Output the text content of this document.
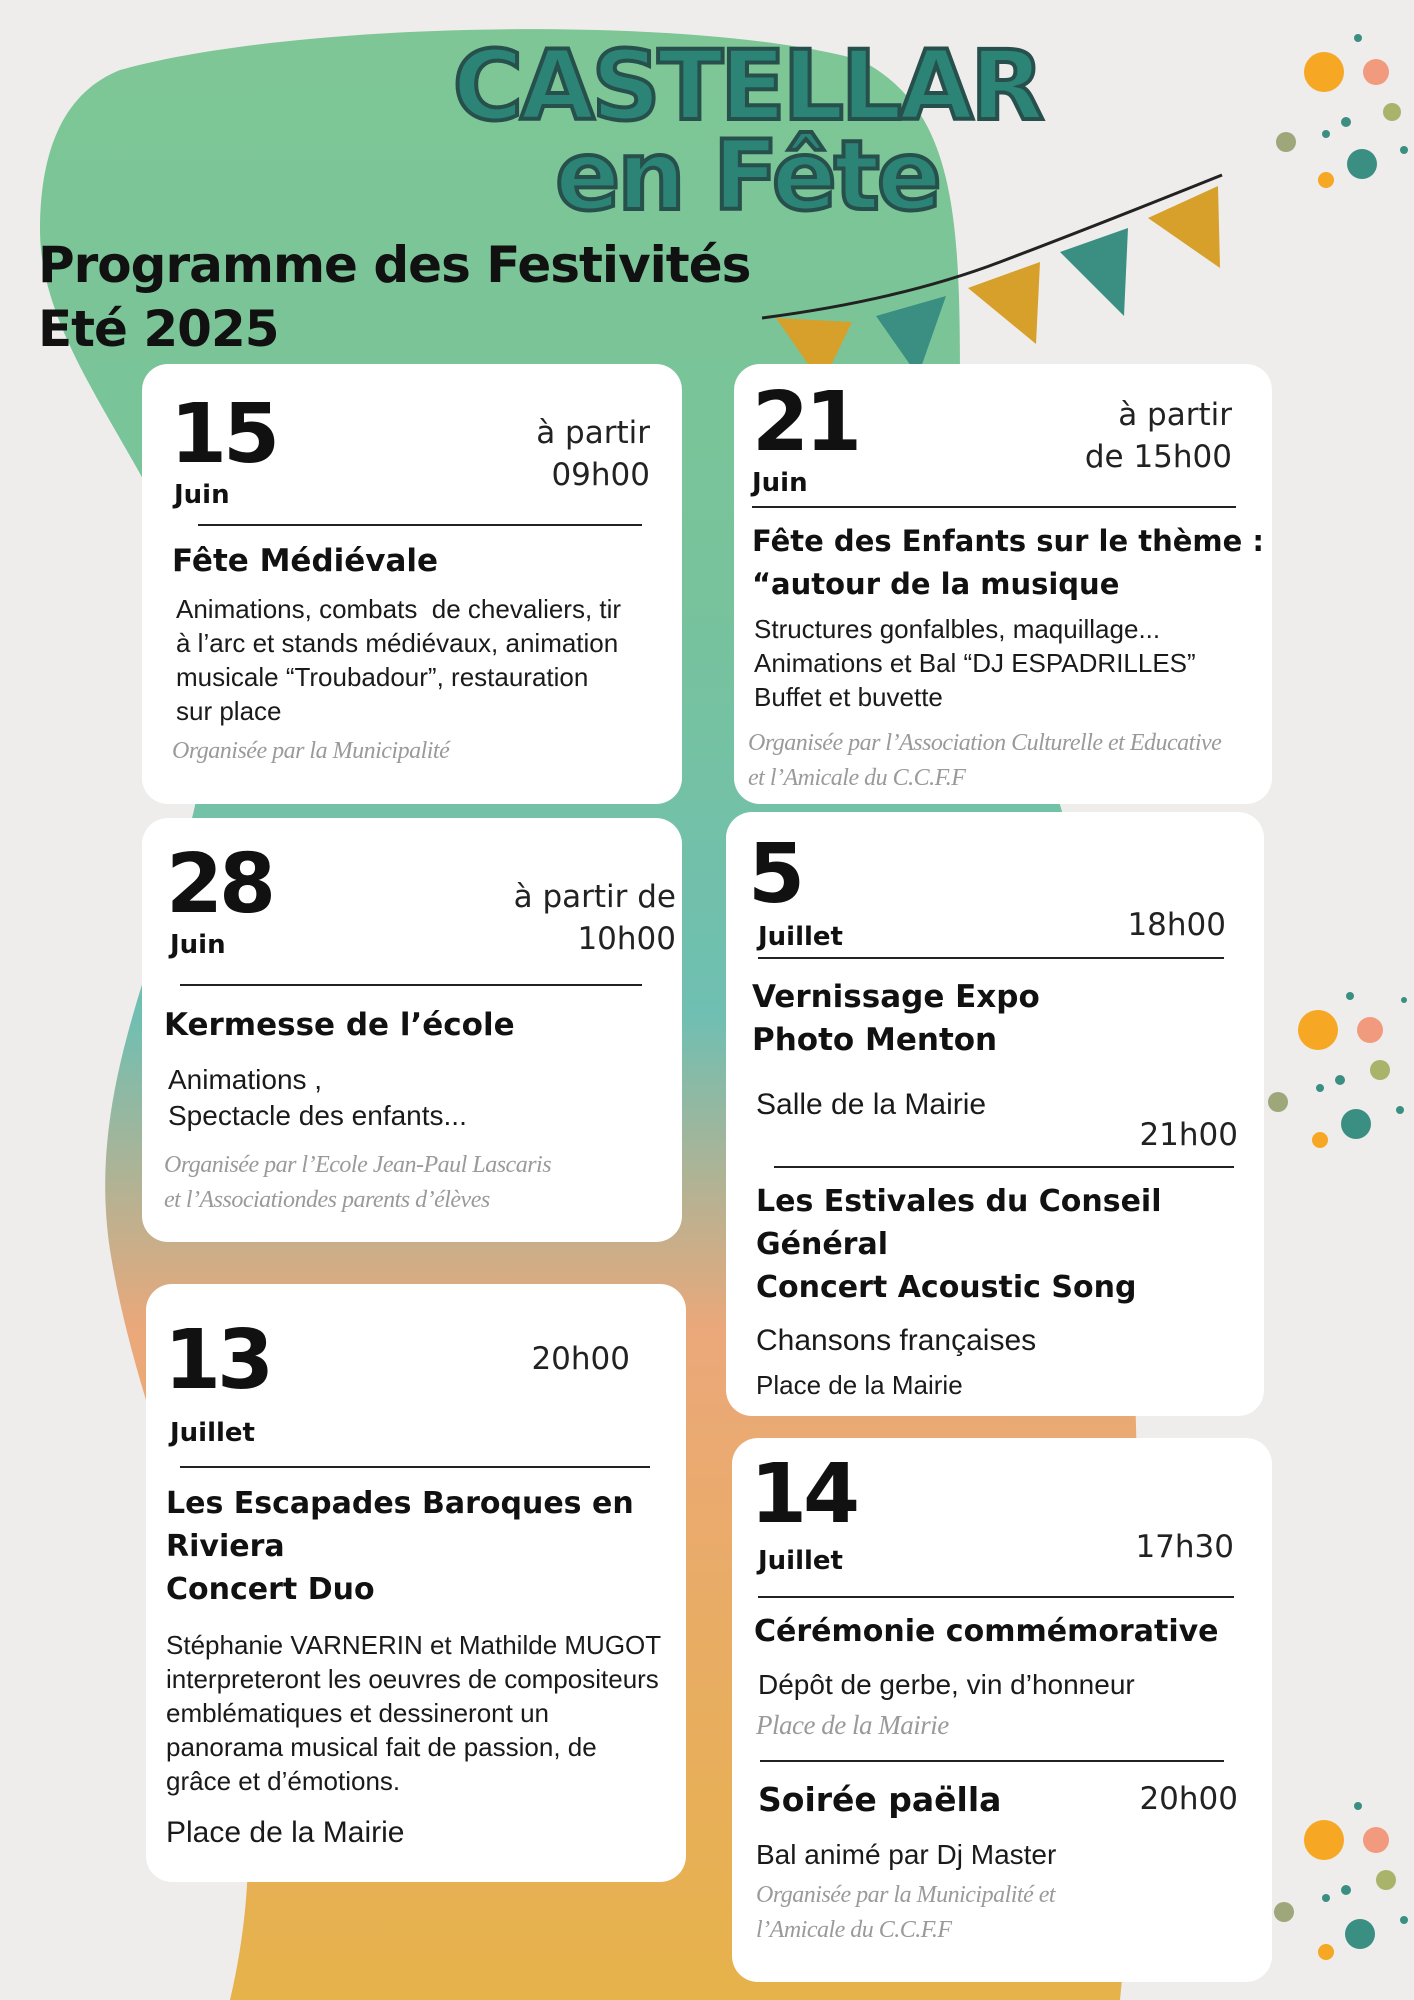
CASTELLAR
en Fête
Programme des Festivités
Eté 2025
15
Juin
à partir
09h00
Fête Médiévale
Animations, combats  de chevaliers, tir
à l’arc et stands médiévaux, animation
musicale “Troubadour”, restauration
sur place
Organisée par la Municipalité
21
Juin
à partir
de 15h00
Fête des Enfants sur le thème :
“autour de la musique
Structures gonfalbles, maquillage...
Animations et Bal “DJ ESPADRILLES”
Buffet et buvette
Organisée par l’Association Culturelle et Educative
et l’Amicale du C.C.F.F
28
Juin
à partir de
10h00
Kermesse de l’école
Animations ,
Spectacle des enfants...
Organisée par l’Ecole Jean-Paul Lascaris
et l’Associationdes parents d’élèves
5
Juillet	18h00
Vernissage Expo
Photo Menton
Salle de la Mairie
21h00
Les Estivales du Conseil
Général
Concert Acoustic Song
Chansons françaises
Place de la Mairie
13
Juillet
20h00
Les Escapades Baroques en
Riviera
Concert Duo
Stéphanie VARNERIN et Mathilde MUGOT
interpreteront les oeuvres de compositeurs
emblématiques et dessineront un
panorama musical fait de passion, de
grâce et d’émotions.
Place de la Mairie
14
Juillet	17h30
Cérémonie commémorative
Dépôt de gerbe, vin d’honneur
Place de la Mairie
Soirée paëlla	20h00
Bal animé par Dj Master
Organisée par la Municipalité et
l’Amicale du C.C.F.F
